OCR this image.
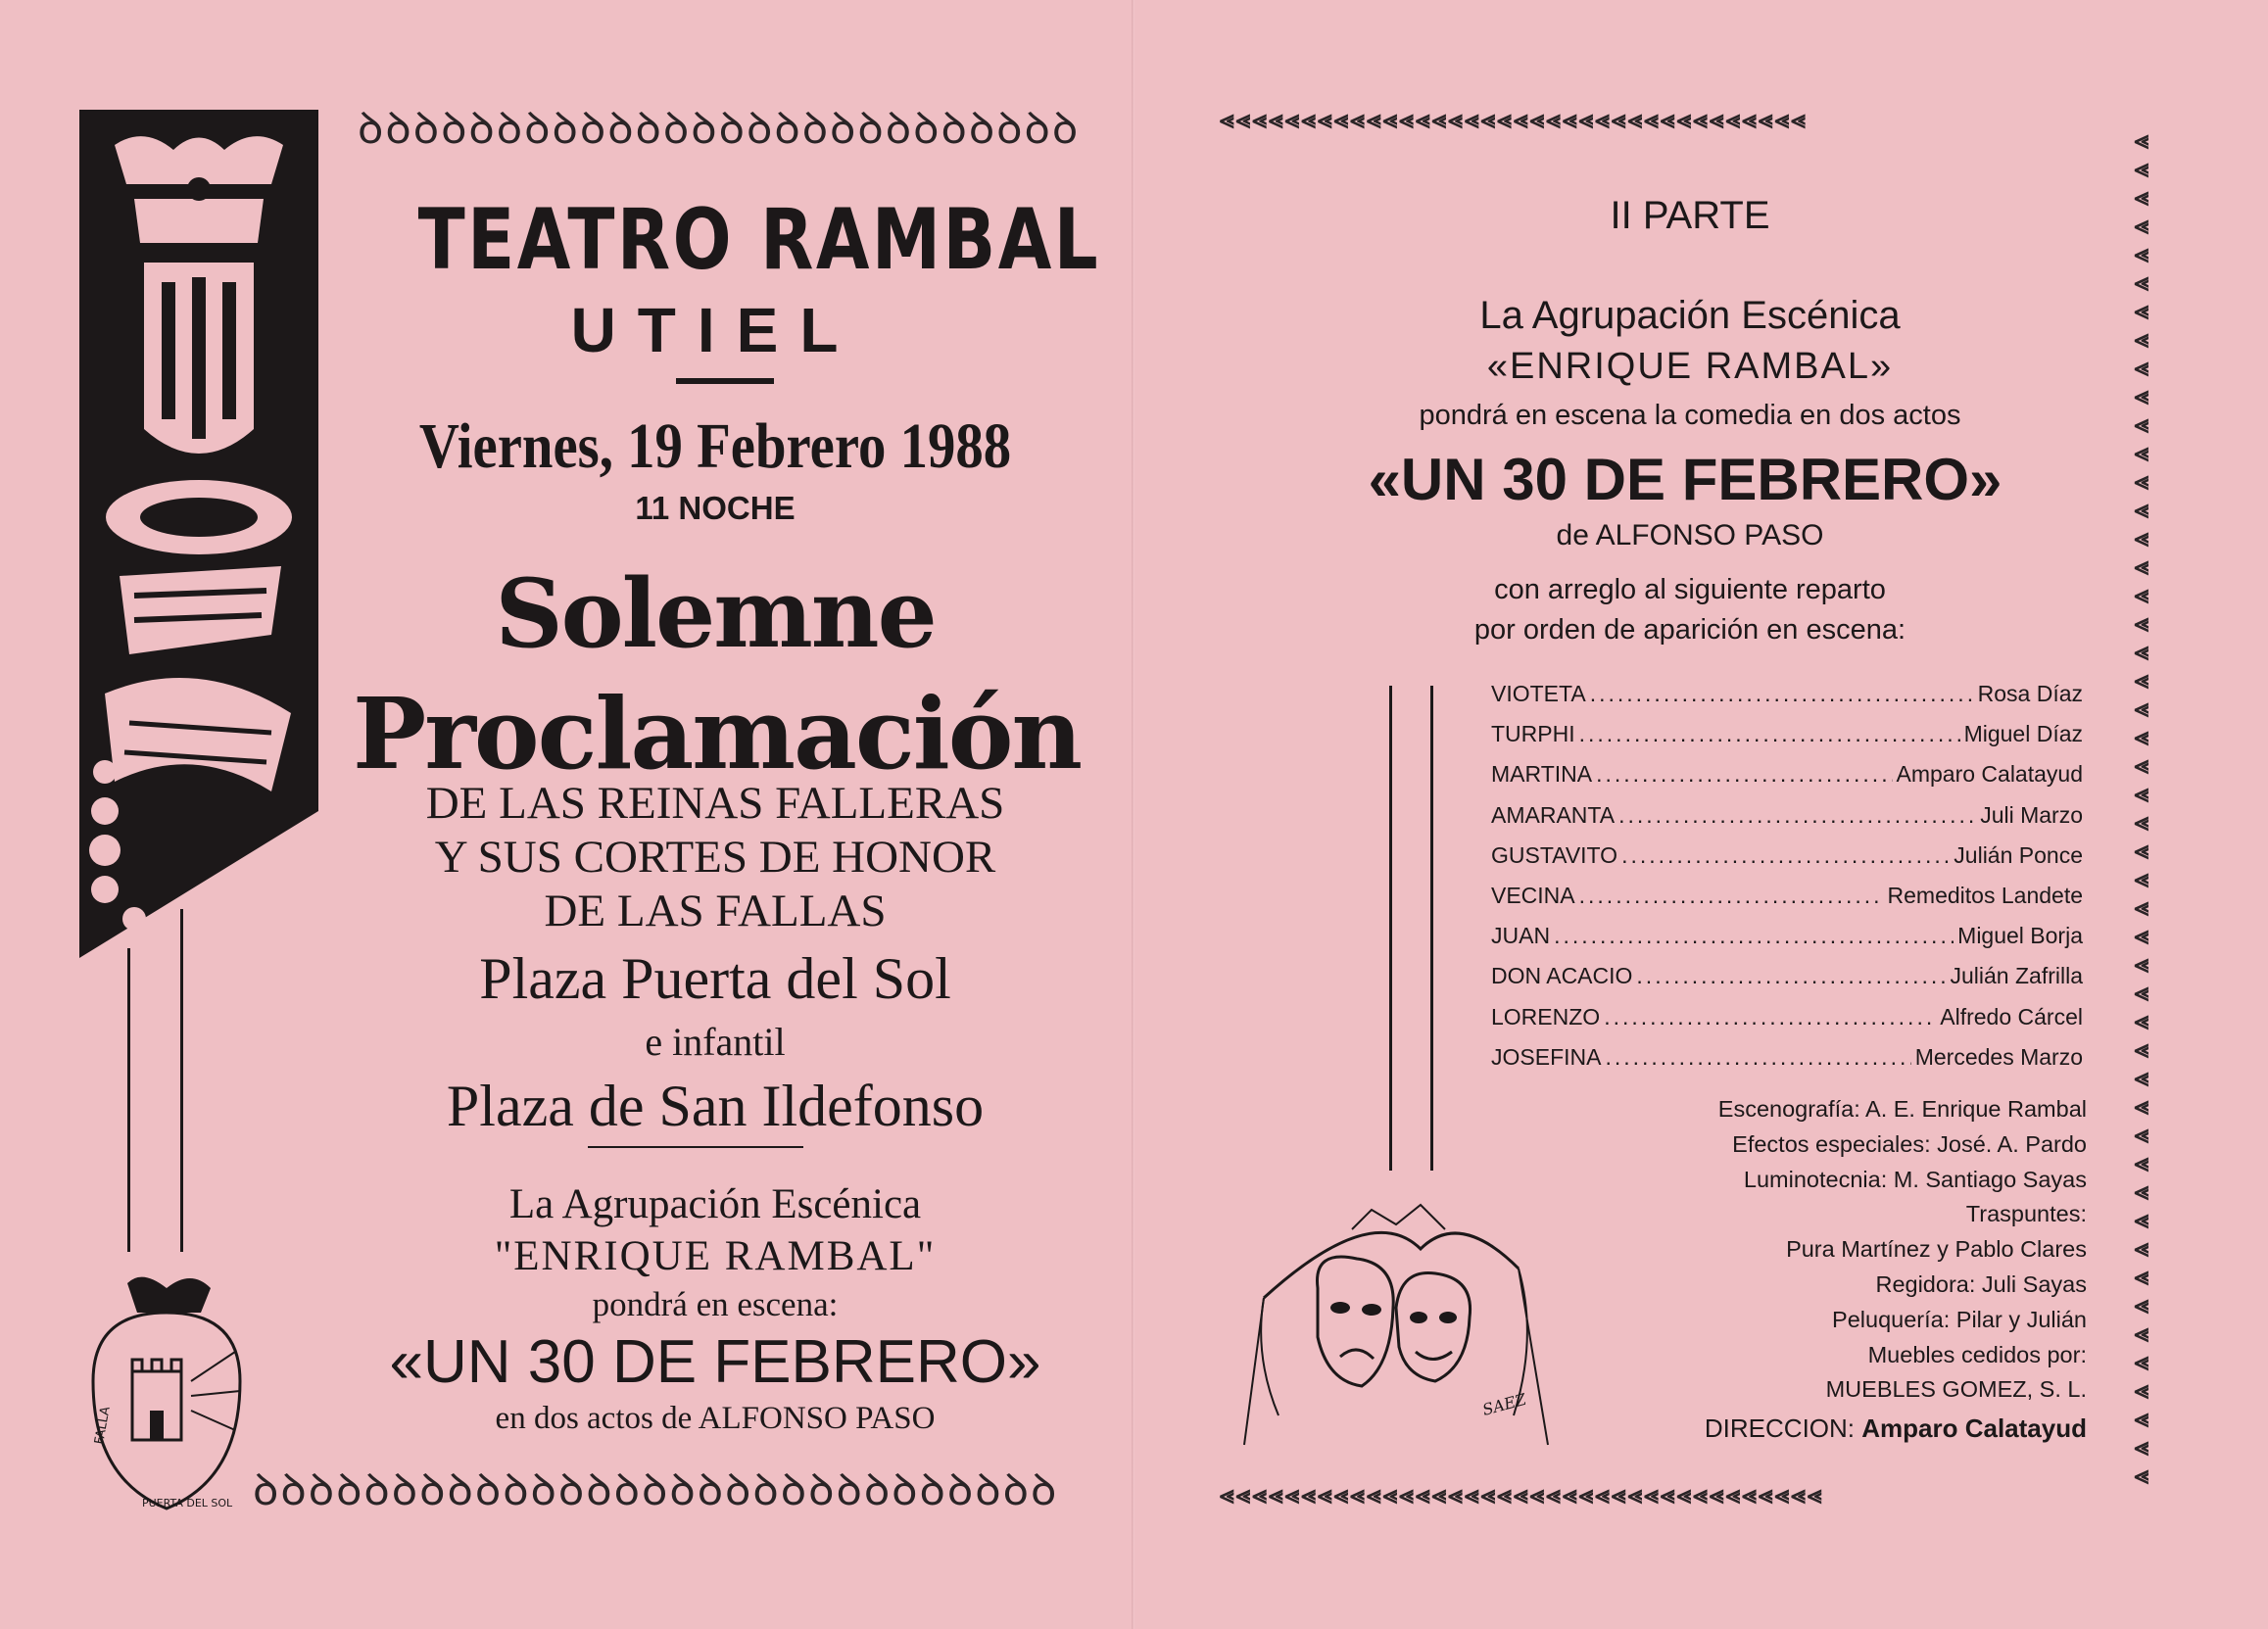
FALLA
PUERTA DEL SOL
ꝺꝺꝺꝺꝺꝺꝺꝺꝺꝺꝺꝺꝺꝺꝺꝺꝺꝺꝺꝺꝺꝺꝺꝺꝺꝺ
TEATRO RAMBAL
UTIEL
Viernes, 19 Febrero 1988
11 NOCHE
Solemne
Proclamación
DE LAS REINAS FALLERAS
Y SUS CORTES DE HONOR
DE LAS FALLAS
Plaza Puerta del Sol
e infantil
Plaza de San Ildefonso
La Agrupación Escénica
"ENRIQUE RAMBAL"
pondrá en escena:
«UN 30 DE FEBRERO»
en dos actos de ALFONSO PASO
ꝺꝺꝺꝺꝺꝺꝺꝺꝺꝺꝺꝺꝺꝺꝺꝺꝺꝺꝺꝺꝺꝺꝺꝺꝺꝺꝺꝺꝺ
⪡⪡⪡⪡⪡⪡⪡⪡⪡⪡⪡⪡⪡⪡⪡⪡⪡⪡⪡⪡⪡⪡⪡⪡⪡⪡⪡⪡⪡⪡⪡⪡⪡⪡⪡⪡
⪡⪡⪡⪡⪡⪡⪡⪡⪡⪡⪡⪡⪡⪡⪡⪡⪡⪡⪡⪡⪡⪡⪡⪡⪡⪡⪡⪡⪡⪡⪡⪡⪡⪡⪡⪡⪡⪡⪡⪡⪡⪡⪡⪡⪡⪡⪡⪡
⪡⪡⪡⪡⪡⪡⪡⪡⪡⪡⪡⪡⪡⪡⪡⪡⪡⪡⪡⪡⪡⪡⪡⪡⪡⪡⪡⪡⪡⪡⪡⪡⪡⪡⪡⪡⪡
II PARTE
La Agrupación Escénica
«ENRIQUE RAMBAL»
pondrá en escena la comedia en dos actos
«UN 30 DE FEBRERO»
de ALFONSO PASO
con arreglo al siguiente reparto
por orden de aparición en escena:
VIOTETA .....	Rosa Díaz
TURPHI .....	Miguel Díaz
MARTINA .....	Amparo Calatayud
AMARANTA .....	Juli Marzo
GUSTAVITO .....	Julián Ponce
VECINA .....	Remeditos Landete
JUAN .....	Miguel Borja
DON ACACIO .....	Julián Zafrilla
LORENZO .....	Alfredo Cárcel
JOSEFINA .....	Mercedes Marzo
Escenografía: A. E. Enrique Rambal
Efectos especiales: José. A. Pardo
Luminotecnia: M. Santiago Sayas
Traspuntes:
Pura Martínez y Pablo Clares
Regidora: Juli Sayas
Peluquería: Pilar y Julián
Muebles cedidos por:
MUEBLES GOMEZ, S. L.
DIRECCION: Amparo Calatayud
SAEZ
